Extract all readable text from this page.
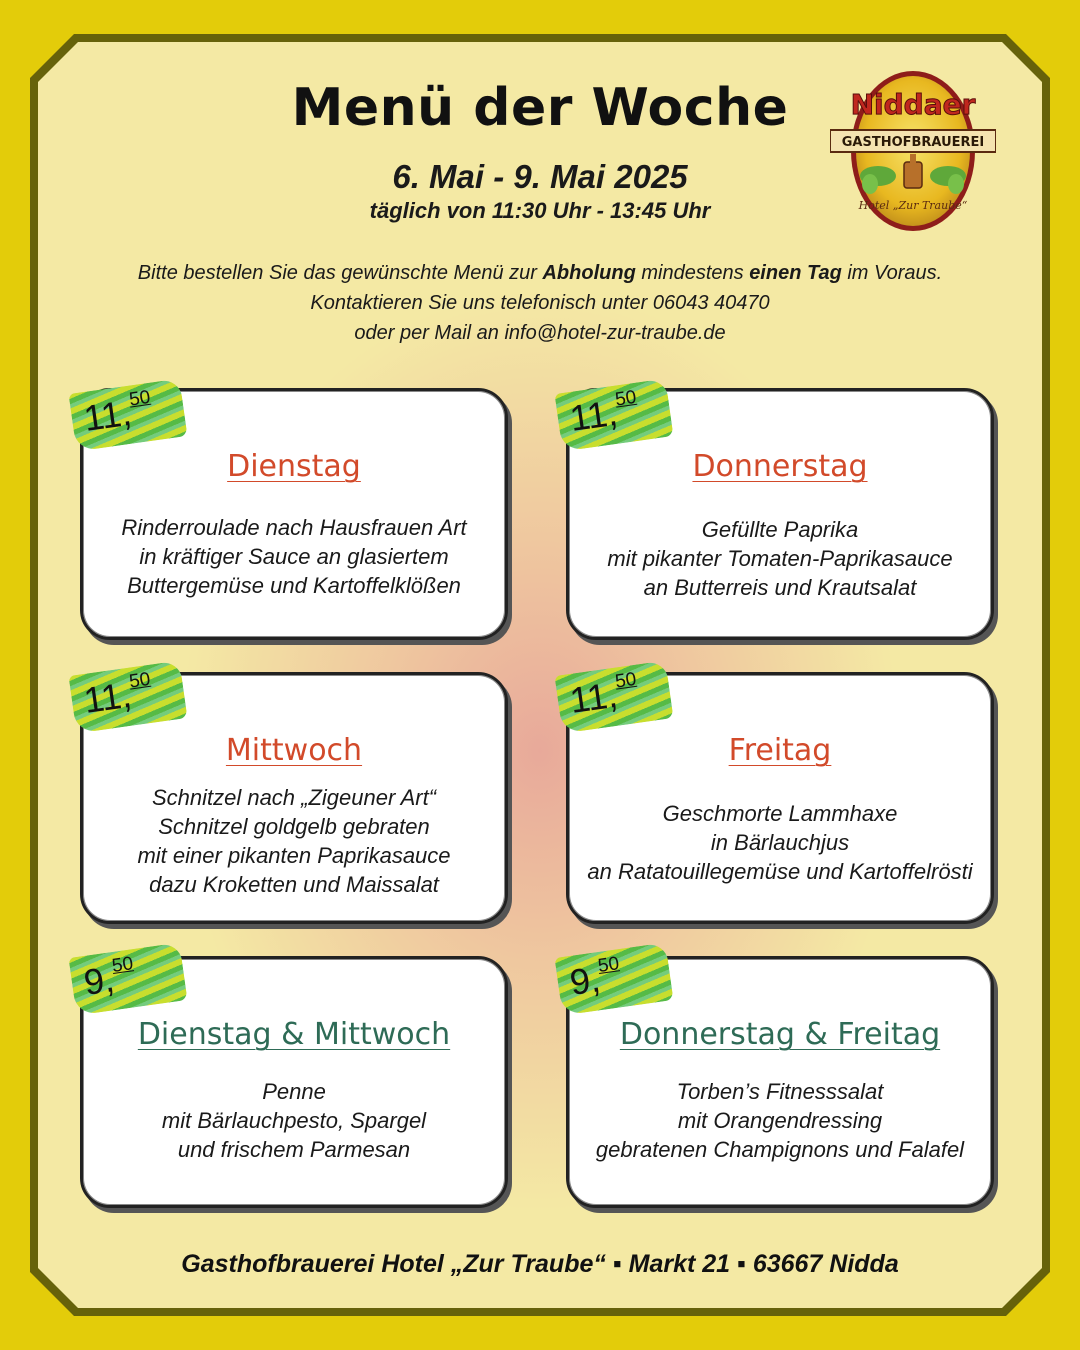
Menü der Woche
6. Mai - 9. Mai 2025
täglich von 11:30 Uhr - 13:45 Uhr
Bitte bestellen Sie das gewünschte Menü zur Abholung mindestens einen Tag im Voraus.
Kontaktieren Sie uns telefonisch unter 06043 40470
oder per Mail an info@hotel-zur-traube.de
Niddaer
GASTHOFBRAUEREI
Hotel „Zur Traube“
Dienstag
Rinderroulade nach Hausfrauen Art
in kräftiger Sauce an glasiertem
Buttergemüse und Kartoffelklößen
11,50
Donnerstag
Gefüllte Paprika
mit pikanter Tomaten-Paprikasauce
an Butterreis und Krautsalat
11,50
Mittwoch
Schnitzel nach „Zigeuner Art“
Schnitzel goldgelb gebraten
mit einer pikanten Paprikasauce
dazu Kroketten und Maissalat
11,50
Freitag
Geschmorte Lammhaxe
in Bärlauchjus
an Ratatouillegemüse und Kartoffelrösti
11,50
Dienstag & Mittwoch
Penne
mit Bärlauchpesto, Spargel
und frischem Parmesan
9,50
Donnerstag & Freitag
Torben’s Fitnesssalat
mit Orangendressing
gebratenen Champignons und Falafel
9,50
Gasthofbrauerei Hotel „Zur Traube“ ▪ Markt 21 ▪ 63667 Nidda
